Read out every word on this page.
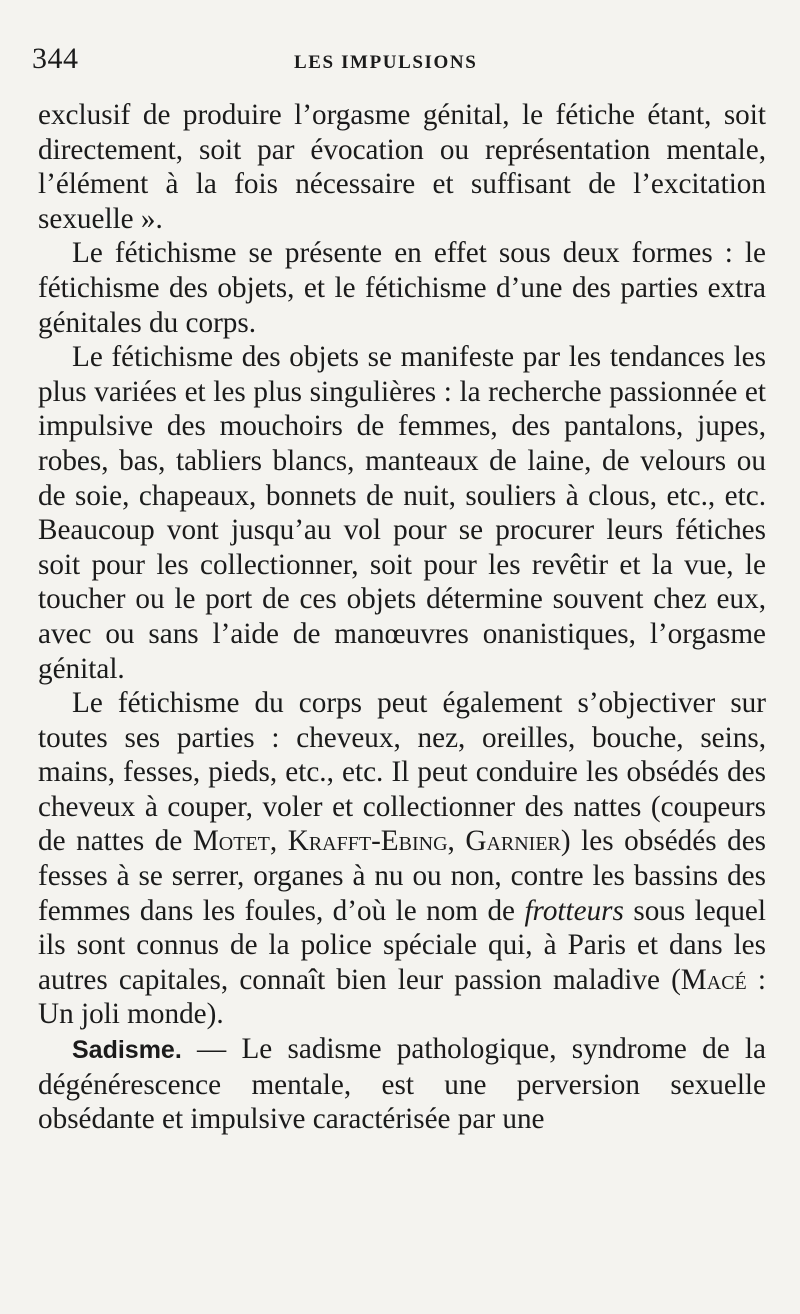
344	LES IMPULSIONS

exclusif de produire l’orgasme génital, le fétiche étant, soit directement, soit par évocation ou représentation mentale, l’élément à la fois nécessaire et suffisant de l’excitation sexuelle ».

Le fétichisme se présente en effet sous deux formes : le fétichisme des objets, et le fétichisme d’une des parties extra génitales du corps.

Le fétichisme des objets se manifeste par les tendances les plus variées et les plus singulières : la recherche passionnée et impulsive des mouchoirs de femmes, des pantalons, jupes, robes, bas, tabliers blancs, manteaux de laine, de velours ou de soie, chapeaux, bonnets de nuit, souliers à clous, etc., etc. Beaucoup vont jusqu’au vol pour se procurer leurs fétiches soit pour les collectionner, soit pour les revêtir et la vue, le toucher ou le port de ces objets détermine souvent chez eux, avec ou sans l’aide de manœuvres onanistiques, l’orgasme génital.

Le fétichisme du corps peut également s’objectiver sur toutes ses parties : cheveux, nez, oreilles, bouche, seins, mains, fesses, pieds, etc., etc. Il peut conduire les obsédés des cheveux à couper, voler et collectionner des nattes (coupeurs de nattes de Motet, Krafft-Ebing, Garnier) les obsédés des fesses à se serrer, organes à nu ou non, contre les bassins des femmes dans les foules, d’où le nom de frotteurs sous lequel ils sont connus de la police spéciale qui, à Paris et dans les autres capitales, connaît bien leur passion maladive (Macé : Un joli monde).

Sadisme. — Le sadisme pathologique, syndrome de la dégénérescence mentale, est une perversion sexuelle obsédante et impulsive caractérisée par une
